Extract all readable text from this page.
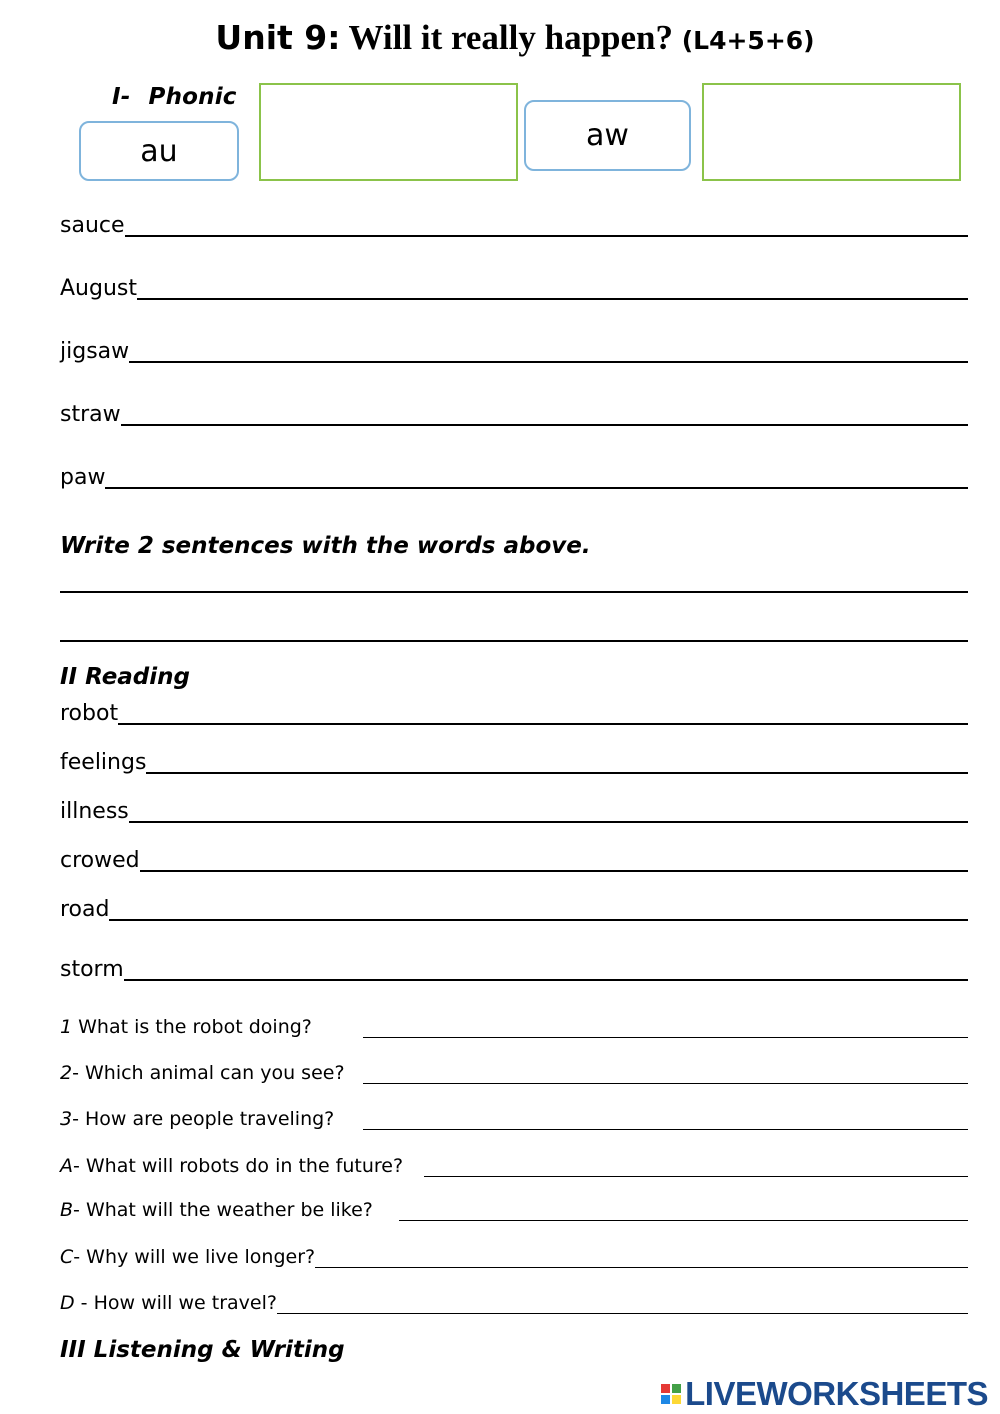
Unit 9: Will it really happen? (L4+5+6)
I- Phonic
au	aw
sauce
August
jigsaw
straw
paw
Write 2 sentences with the words above.
II Reading
robot
feelings
illness
crowed
road
storm
1 What is the robot doing?
2- Which animal can you see?
3- How are people traveling?
A- What will robots do in the future?
B- What will the weather be like?
C- Why will we live longer?
D - How will we travel?
III Listening & Writing
LIVEWORKSHEETS
